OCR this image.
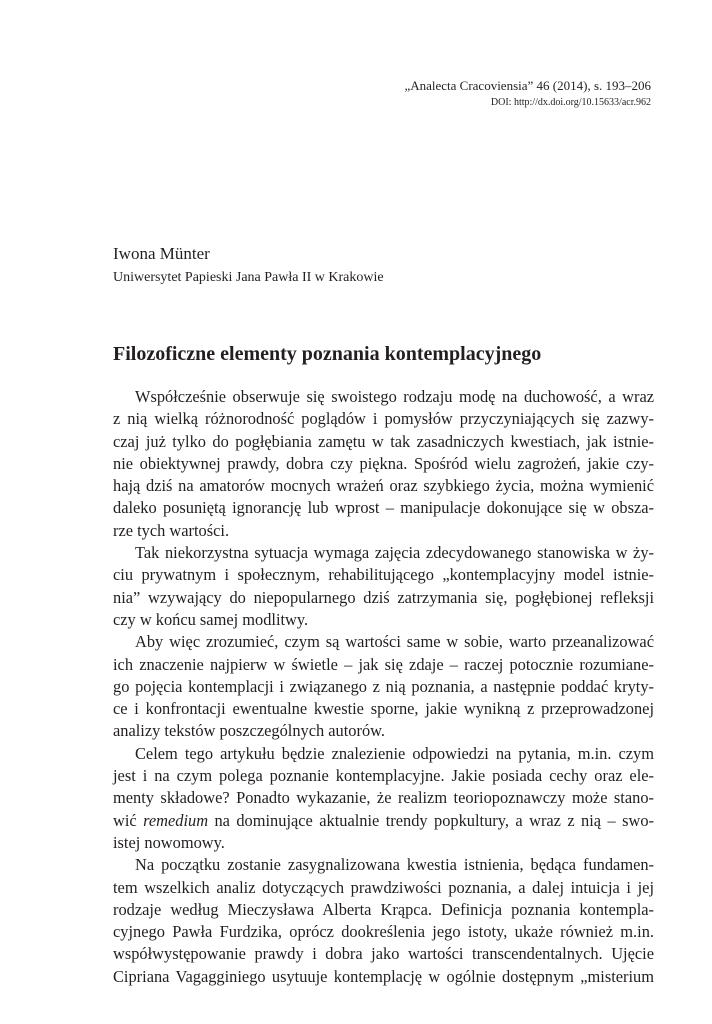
„Analecta Cracoviensia” 46 (2014), s. 193–206
DOI: http://dx.doi.org/10.15633/acr.962
Iwona Münter
Uniwersytet Papieski Jana Pawła II w Krakowie
Filozoficzne elementy poznania kontemplacyjnego
Współcześnie obserwuje się swoistego rodzaju modę na duchowość, a wraz
z nią wielką różnorodność poglądów i pomysłów przyczyniających się zazwy-
czaj już tylko do pogłębiania zamętu w tak zasadniczych kwestiach, jak istnie-
nie obiektywnej prawdy, dobra czy piękna. Spośród wielu zagrożeń, jakie czy-
hają dziś na amatorów mocnych wrażeń oraz szybkiego życia, można wymienić
daleko posuniętą ignorancję lub wprost – manipulacje dokonujące się w obsza-
rze tych wartości.
Tak niekorzystna sytuacja wymaga zajęcia zdecydowanego stanowiska w ży-
ciu prywatnym i społecznym, rehabilitującego „kontemplacyjny model istnie-
nia” wzywający do niepopularnego dziś zatrzymania się, pogłębionej refleksji
czy w końcu samej modlitwy.
Aby więc zrozumieć, czym są wartości same w sobie, warto przeanalizować
ich znaczenie najpierw w świetle – jak się zdaje – raczej potocznie rozumiane-
go pojęcia kontemplacji i związanego z nią poznania, a następnie poddać kryty-
ce i konfrontacji ewentualne kwestie sporne, jakie wynikną z przeprowadzonej
analizy tekstów poszczególnych autorów.
Celem tego artykułu będzie znalezienie odpowiedzi na pytania, m.in. czym
jest i na czym polega poznanie kontemplacyjne. Jakie posiada cechy oraz ele-
menty składowe? Ponadto wykazanie, że realizm teoriopoznawczy może stano-
wić remedium na dominujące aktualnie trendy popkultury, a wraz z nią – swo-
istej nowomowy.
Na początku zostanie zasygnalizowana kwestia istnienia, będąca fundamen-
tem wszelkich analiz dotyczących prawdziwości poznania, a dalej intuicja i jej
rodzaje według Mieczysława Alberta Krąpca. Definicja poznania kontempla-
cyjnego Pawła Furdzika, oprócz dookreślenia jego istoty, ukaże również m.in.
współwystępowanie prawdy i dobra jako wartości transcendentalnych. Ujęcie
Cipriana Vagagginiego usytuuje kontemplację w ogólnie dostępnym „misterium
